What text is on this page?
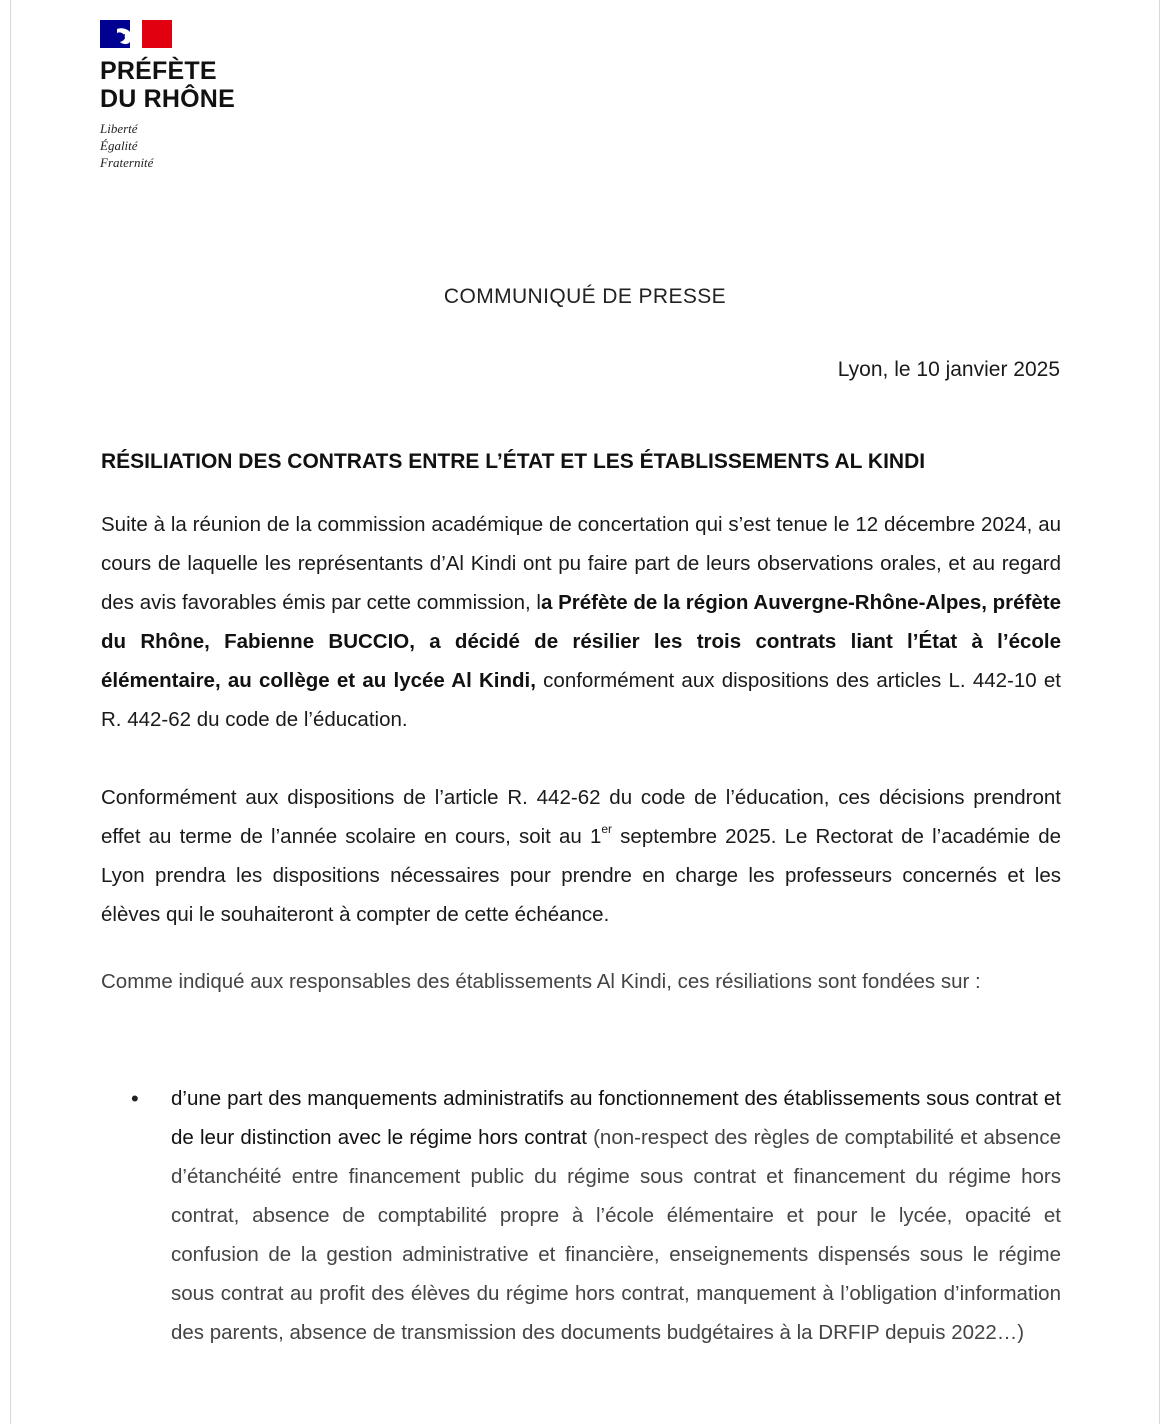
PRÉFÈTE
DU RHÔNE
Liberté
Égalité
Fraternité
COMMUNIQUÉ DE PRESSE
Lyon, le 10 janvier 2025
RÉSILIATION DES CONTRATS ENTRE L’ÉTAT ET LES ÉTABLISSEMENTS AL KINDI
Suite à la réunion de la commission académique de concertation qui s’est tenue le 12 décembre 2024, au cours de laquelle les représentants d’Al Kindi ont pu faire part de leurs observations orales, et au regard des avis favorables émis par cette commission, la Préfète de la région Auvergne-Rhône-Alpes, préfète du Rhône, Fabienne BUCCIO, a décidé de résilier les trois contrats liant l’État à l’école élémentaire, au collège et au lycée Al Kindi, conformément aux dispositions des articles L. 442-10 et R. 442-62 du code de l’éducation.
Conformément aux dispositions de l’article R. 442-62 du code de l’éducation, ces décisions prendront effet au terme de l’année scolaire en cours, soit au 1er septembre 2025. Le Rectorat de l’académie de Lyon prendra les dispositions nécessaires pour prendre en charge les professeurs concernés et les élèves qui le souhaiteront à compter de cette échéance.
Comme indiqué aux responsables des établissements Al Kindi, ces résiliations sont fondées sur :
• d’une part des manquements administratifs au fonctionnement des établissements sous contrat et de leur distinction avec le régime hors contrat (non-respect des règles de comptabilité et absence d’étanchéité entre financement public du régime sous contrat et financement du régime hors contrat, absence de comptabilité propre à l’école élémentaire et pour le lycée, opacité et confusion de la gestion administrative et financière, enseignements dispensés sous le régime sous contrat au profit des élèves du régime hors contrat, manquement à l’obligation d’information des parents, absence de transmission des documents budgétaires à la DRFIP depuis 2022…)
